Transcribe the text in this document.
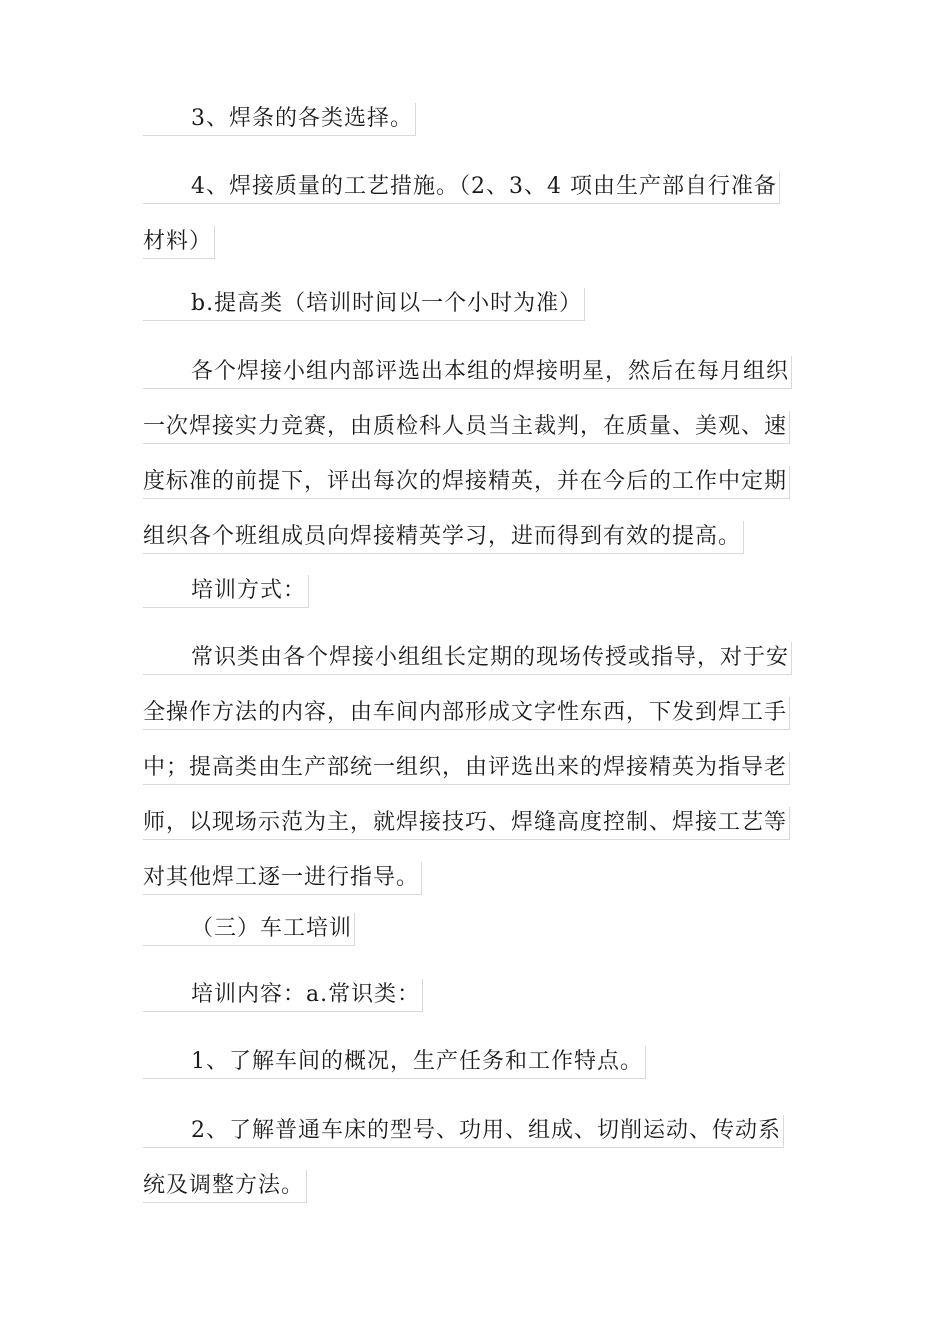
3、焊条的各类选择。
4、焊接质量的工艺措施。（2、3、4 项由生产部自行准备
材料）
b.提高类（培训时间以一个小时为准）
各个焊接小组内部评选出本组的焊接明星，然后在每月组织
一次焊接实力竞赛，由质检科人员当主裁判，在质量、美观、速
度标准的前提下，评出每次的焊接精英，并在今后的工作中定期
组织各个班组成员向焊接精英学习，进而得到有效的提高。
培训方式：
常识类由各个焊接小组组长定期的现场传授或指导，对于安
全操作方法的内容，由车间内部形成文字性东西，下发到焊工手
中；提高类由生产部统一组织，由评选出来的焊接精英为指导老
师，以现场示范为主，就焊接技巧、焊缝高度控制、焊接工艺等
对其他焊工逐一进行指导。
（三）车工培训
培训内容：a.常识类：
1、了解车间的概况，生产任务和工作特点。
2、了解普通车床的型号、功用、组成、切削运动、传动系
统及调整方法。
